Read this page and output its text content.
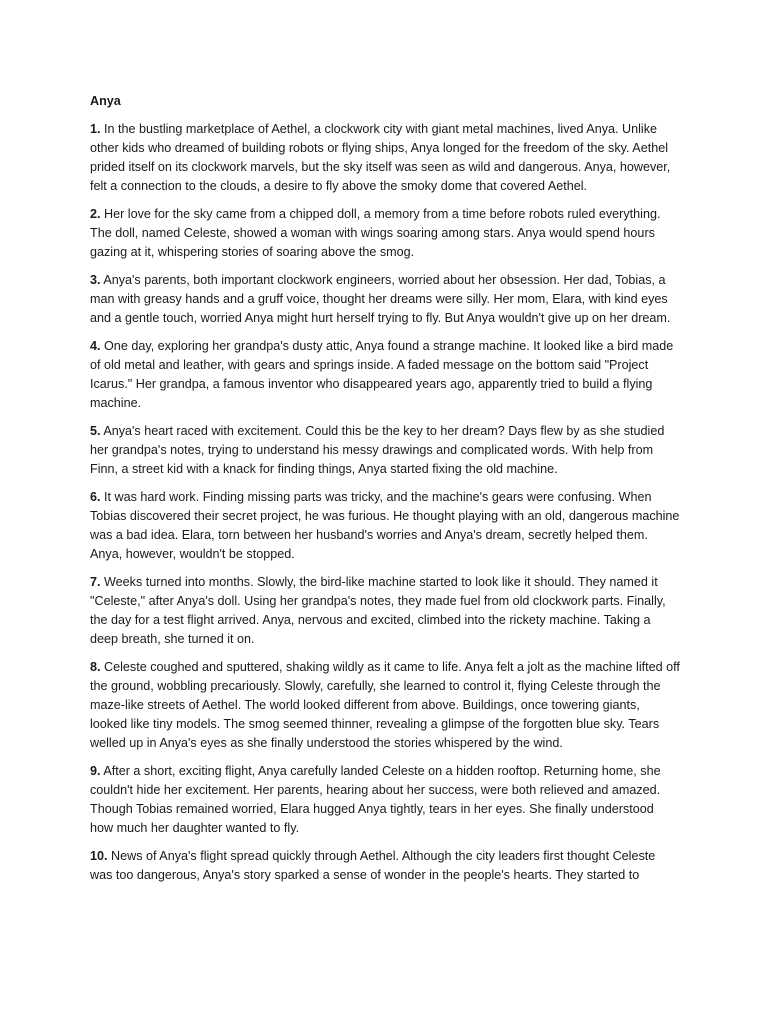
Anya

1. In the bustling marketplace of Aethel, a clockwork city with giant metal machines, lived Anya. Unlike other kids who dreamed of building robots or flying ships, Anya longed for the freedom of the sky. Aethel prided itself on its clockwork marvels, but the sky itself was seen as wild and dangerous. Anya, however, felt a connection to the clouds, a desire to fly above the smoky dome that covered Aethel.

2. Her love for the sky came from a chipped doll, a memory from a time before robots ruled everything. The doll, named Celeste, showed a woman with wings soaring among stars. Anya would spend hours gazing at it, whispering stories of soaring above the smog.

3. Anya's parents, both important clockwork engineers, worried about her obsession. Her dad, Tobias, a man with greasy hands and a gruff voice, thought her dreams were silly. Her mom, Elara, with kind eyes and a gentle touch, worried Anya might hurt herself trying to fly. But Anya wouldn't give up on her dream.

4. One day, exploring her grandpa's dusty attic, Anya found a strange machine. It looked like a bird made of old metal and leather, with gears and springs inside. A faded message on the bottom said "Project Icarus." Her grandpa, a famous inventor who disappeared years ago, apparently tried to build a flying machine.

5. Anya's heart raced with excitement. Could this be the key to her dream? Days flew by as she studied her grandpa's notes, trying to understand his messy drawings and complicated words. With help from Finn, a street kid with a knack for finding things, Anya started fixing the old machine.

6. It was hard work. Finding missing parts was tricky, and the machine's gears were confusing. When Tobias discovered their secret project, he was furious. He thought playing with an old, dangerous machine was a bad idea. Elara, torn between her husband's worries and Anya's dream, secretly helped them. Anya, however, wouldn't be stopped.

7. Weeks turned into months. Slowly, the bird-like machine started to look like it should. They named it "Celeste," after Anya's doll. Using her grandpa's notes, they made fuel from old clockwork parts. Finally, the day for a test flight arrived. Anya, nervous and excited, climbed into the rickety machine. Taking a deep breath, she turned it on.

8. Celeste coughed and sputtered, shaking wildly as it came to life. Anya felt a jolt as the machine lifted off the ground, wobbling precariously. Slowly, carefully, she learned to control it, flying Celeste through the maze-like streets of Aethel. The world looked different from above. Buildings, once towering giants, looked like tiny models. The smog seemed thinner, revealing a glimpse of the forgotten blue sky. Tears welled up in Anya's eyes as she finally understood the stories whispered by the wind.

9. After a short, exciting flight, Anya carefully landed Celeste on a hidden rooftop. Returning home, she couldn't hide her excitement. Her parents, hearing about her success, were both relieved and amazed. Though Tobias remained worried, Elara hugged Anya tightly, tears in her eyes. She finally understood how much her daughter wanted to fly.

10. News of Anya's flight spread quickly through Aethel. Although the city leaders first thought Celeste was too dangerous, Anya's story sparked a sense of wonder in the people's hearts. They started to
